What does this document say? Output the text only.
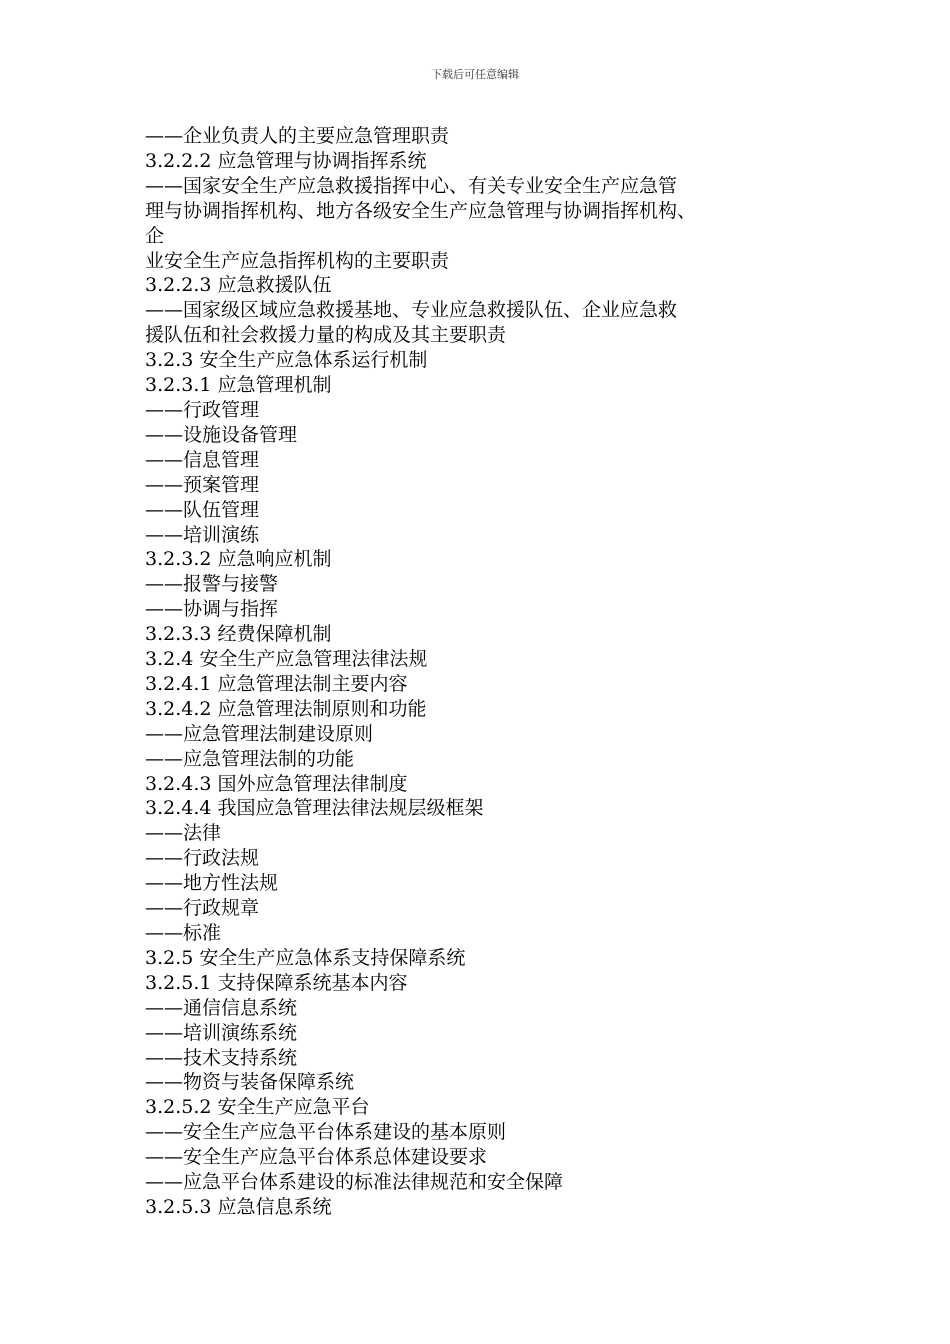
下载后可任意编辑
——企业负责人的主要应急管理职责
3.2.2.2 应急管理与协调指挥系统
——国家安全生产应急救援指挥中心、有关专业安全生产应急管
理与协调指挥机构、地方各级安全生产应急管理与协调指挥机构、
企
业安全生产应急指挥机构的主要职责
3.2.2.3 应急救援队伍
——国家级区域应急救援基地、专业应急救援队伍、企业应急救
援队伍和社会救援力量的构成及其主要职责
3.2.3 安全生产应急体系运行机制
3.2.3.1 应急管理机制
——行政管理
——设施设备管理
——信息管理
——预案管理
——队伍管理
——培训演练
3.2.3.2 应急响应机制
——报警与接警
——协调与指挥
3.2.3.3 经费保障机制
3.2.4 安全生产应急管理法律法规
3.2.4.1 应急管理法制主要内容
3.2.4.2 应急管理法制原则和功能
——应急管理法制建设原则
——应急管理法制的功能
3.2.4.3 国外应急管理法律制度
3.2.4.4 我国应急管理法律法规层级框架
——法律
——行政法规
——地方性法规
——行政规章
——标准
3.2.5 安全生产应急体系支持保障系统
3.2.5.1 支持保障系统基本内容
——通信信息系统
——培训演练系统
——技术支持系统
——物资与装备保障系统
3.2.5.2 安全生产应急平台
——安全生产应急平台体系建设的基本原则
——安全生产应急平台体系总体建设要求
——应急平台体系建设的标准法律规范和安全保障
3.2.5.3 应急信息系统
